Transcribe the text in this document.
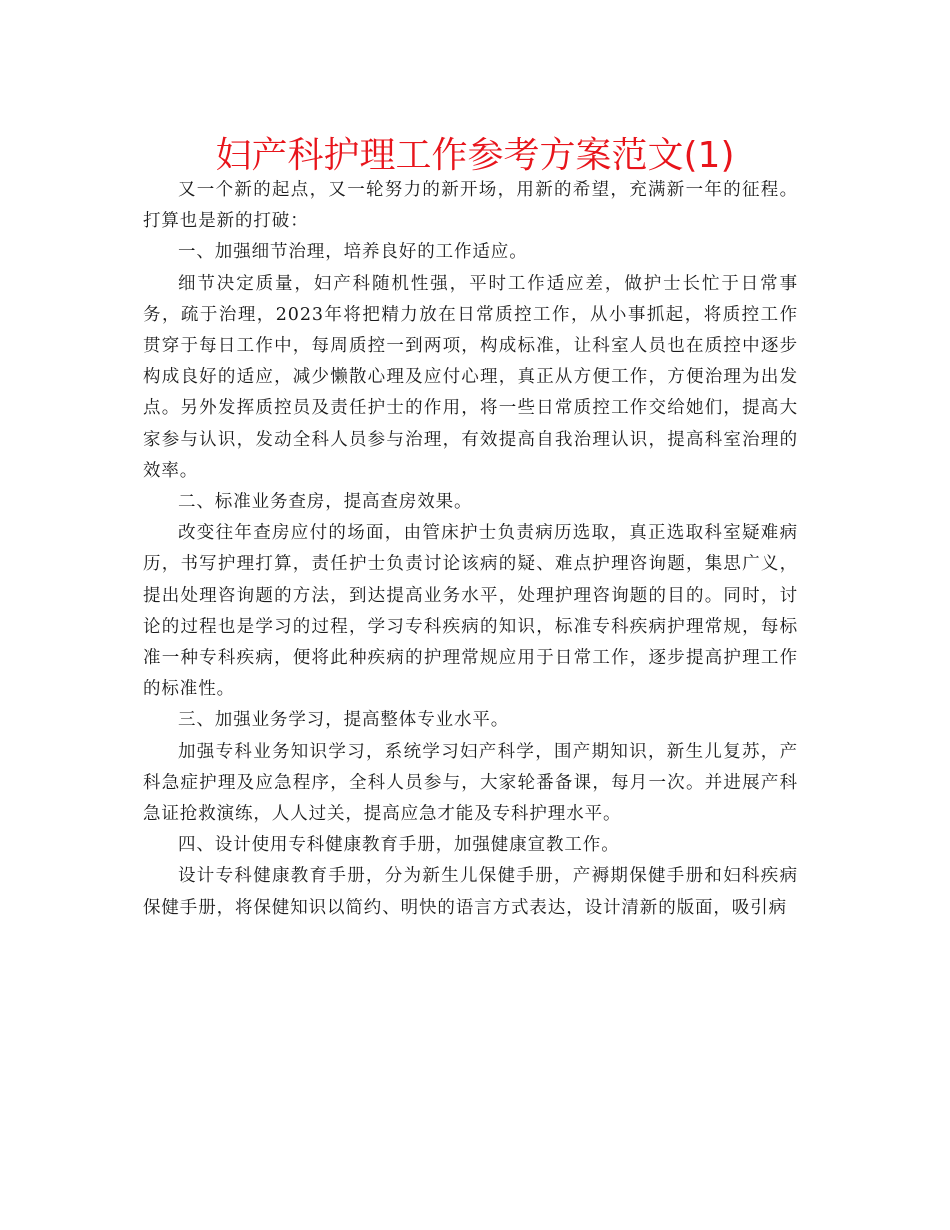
妇产科护理工作参考方案范文(1)

又一个新的起点，又一轮努力的新开场，用新的希望，充满新一年的征程。打算也是新的打破：

一、加强细节治理，培养良好的工作适应。

细节决定质量，妇产科随机性强，平时工作适应差，做护士长忙于日常事务，疏于治理，2023年将把精力放在日常质控工作，从小事抓起，将质控工作贯穿于每日工作中，每周质控一到两项，构成标准，让科室人员也在质控中逐步构成良好的适应，减少懒散心理及应付心理，真正从方便工作，方便治理为出发点。另外发挥质控员及责任护士的作用，将一些日常质控工作交给她们，提高大家参与认识，发动全科人员参与治理，有效提高自我治理认识，提高科室治理的效率。

二、标准业务查房，提高查房效果。

改变往年查房应付的场面，由管床护士负责病历选取，真正选取科室疑难病历，书写护理打算，责任护士负责讨论该病的疑、难点护理咨询题，集思广义，提出处理咨询题的方法，到达提高业务水平，处理护理咨询题的目的。同时，讨论的过程也是学习的过程，学习专科疾病的知识，标准专科疾病护理常规，每标准一种专科疾病，便将此种疾病的护理常规应用于日常工作，逐步提高护理工作的标准性。

三、加强业务学习，提高整体专业水平。

加强专科业务知识学习，系统学习妇产科学，围产期知识，新生儿复苏，产科急症护理及应急程序，全科人员参与，大家轮番备课，每月一次。并进展产科急证抢救演练，人人过关，提高应急才能及专科护理水平。

四、设计使用专科健康教育手册，加强健康宣教工作。

设计专科健康教育手册，分为新生儿保健手册，产褥期保健手册和妇科疾病保健手册，将保健知识以简约、明快的语言方式表达，设计清新的版面，吸引病
